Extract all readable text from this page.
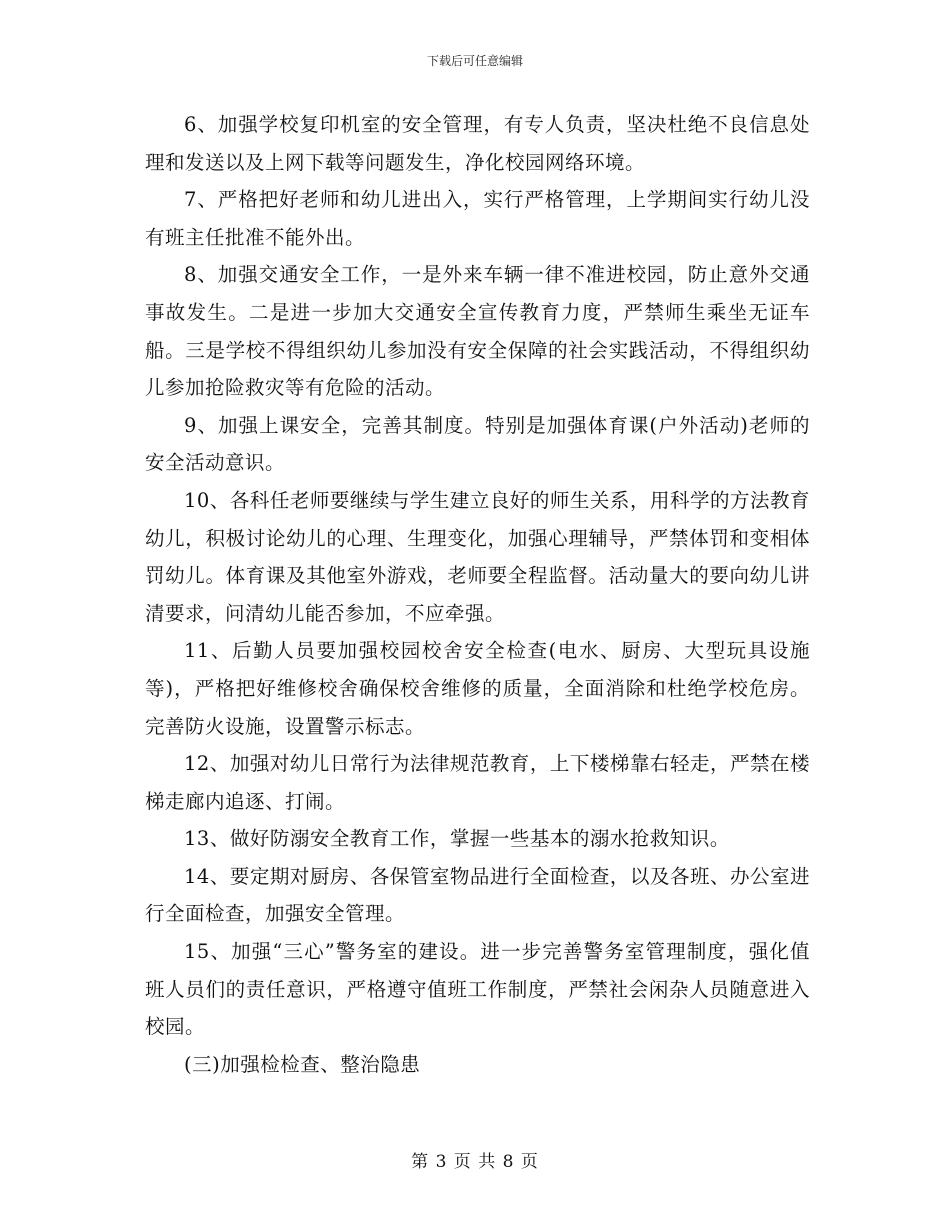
下载后可任意编辑

6、加强学校复印机室的安全管理，有专人负责，坚决杜绝不良信息处理和发送以及上网下载等问题发生，净化校园网络环境。

7、严格把好老师和幼儿进出入，实行严格管理，上学期间实行幼儿没有班主任批准不能外出。

8、加强交通安全工作，一是外来车辆一律不准进校园，防止意外交通事故发生。二是进一步加大交通安全宣传教育力度，严禁师生乘坐无证车船。三是学校不得组织幼儿参加没有安全保障的社会实践活动，不得组织幼儿参加抢险救灾等有危险的活动。

9、加强上课安全，完善其制度。特别是加强体育课(户外活动)老师的安全活动意识。

10、各科任老师要继续与学生建立良好的师生关系，用科学的方法教育幼儿，积极讨论幼儿的心理、生理变化，加强心理辅导，严禁体罚和变相体罚幼儿。体育课及其他室外游戏，老师要全程监督。活动量大的要向幼儿讲清要求，问清幼儿能否参加，不应牵强。

11、后勤人员要加强校园校舍安全检查(电水、厨房、大型玩具设施等)，严格把好维修校舍确保校舍维修的质量，全面消除和杜绝学校危房。完善防火设施，设置警示标志。

12、加强对幼儿日常行为法律规范教育，上下楼梯靠右轻走，严禁在楼梯走廊内追逐、打闹。

13、做好防溺安全教育工作，掌握一些基本的溺水抢救知识。

14、要定期对厨房、各保管室物品进行全面检查，以及各班、办公室进行全面检查，加强安全管理。

15、加强“三心”警务室的建设。进一步完善警务室管理制度，强化值班人员们的责任意识，严格遵守值班工作制度，严禁社会闲杂人员随意进入校园。

(三)加强检检查、整治隐患

第 3 页 共 8 页
